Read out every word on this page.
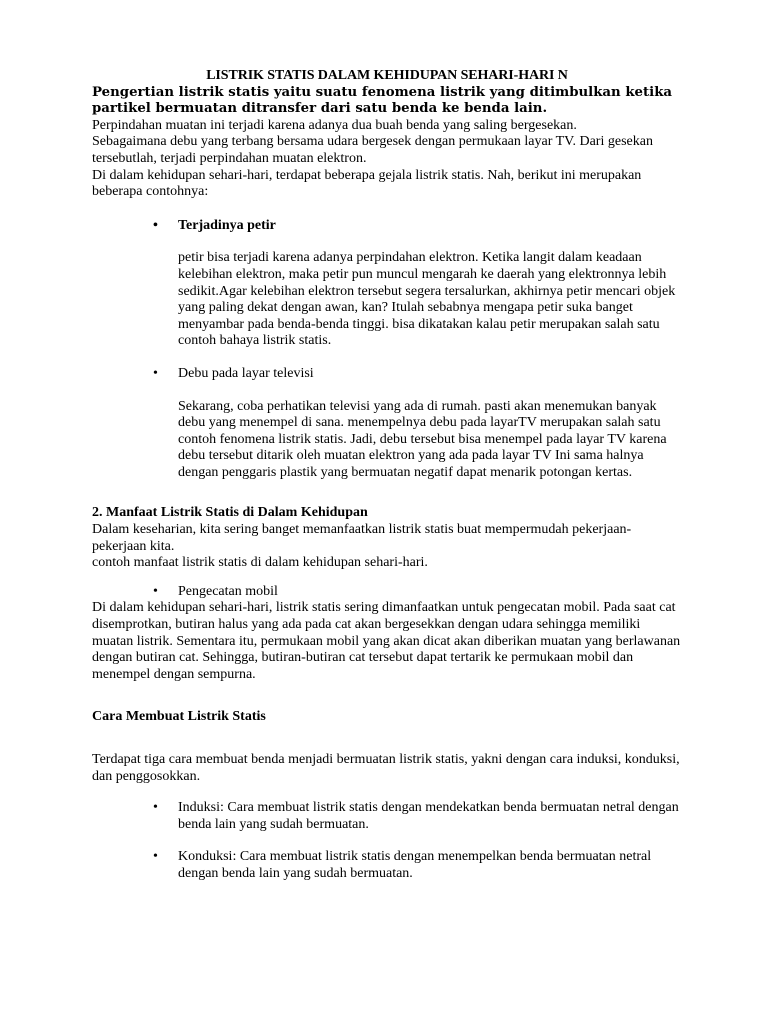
LISTRIK STATIS DALAM KEHIDUPAN SEHARI-HARI N

Pengertian listrik statis yaitu suatu fenomena listrik yang ditimbulkan ketika partikel bermuatan ditransfer dari satu benda ke benda lain.

Perpindahan muatan ini terjadi karena adanya dua buah benda yang saling bergesekan.

Sebagaimana debu yang terbang bersama udara bergesek dengan permukaan layar TV. Dari gesekan tersebutlah, terjadi perpindahan muatan elektron.

Di dalam kehidupan sehari-hari, terdapat beberapa gejala listrik statis. Nah, berikut ini merupakan beberapa contohnya:

• Terjadinya petir

petir bisa terjadi karena adanya perpindahan elektron. Ketika langit dalam keadaan kelebihan elektron, maka petir pun muncul mengarah ke daerah yang elektronnya lebih sedikit.Agar kelebihan elektron tersebut segera tersalurkan, akhirnya petir mencari objek yang paling dekat dengan awan, kan? Itulah sebabnya mengapa petir suka banget menyambar pada benda-benda tinggi. bisa dikatakan kalau petir merupakan salah satu contoh bahaya listrik statis.

• Debu pada layar televisi

Sekarang, coba perhatikan televisi yang ada di rumah. pasti akan menemukan banyak debu yang menempel di sana. menempelnya debu pada layarTV merupakan salah satu contoh fenomena listrik statis. Jadi, debu tersebut bisa menempel pada layar TV karena debu tersebut ditarik oleh muatan elektron yang ada pada layar TV Ini sama halnya dengan penggaris plastik yang bermuatan negatif dapat menarik potongan kertas.

2. Manfaat Listrik Statis di Dalam Kehidupan

Dalam keseharian, kita sering banget memanfaatkan listrik statis buat mempermudah pekerjaan-pekerjaan kita.

contoh manfaat listrik statis di dalam kehidupan sehari-hari.

• Pengecatan mobil

Di dalam kehidupan sehari-hari, listrik statis sering dimanfaatkan untuk pengecatan mobil. Pada saat cat disemprotkan, butiran halus yang ada pada cat akan bergesekkan dengan udara sehingga memiliki muatan listrik. Sementara itu, permukaan mobil yang akan dicat akan diberikan muatan yang berlawanan dengan butiran cat. Sehingga, butiran-butiran cat tersebut dapat tertarik ke permukaan mobil dan menempel dengan sempurna.

Cara Membuat Listrik Statis

Terdapat tiga cara membuat benda menjadi bermuatan listrik statis, yakni dengan cara induksi, konduksi, dan penggosokkan.

• Induksi: Cara membuat listrik statis dengan mendekatkan benda bermuatan netral dengan benda lain yang sudah bermuatan.

• Konduksi: Cara membuat listrik statis dengan menempelkan benda bermuatan netral dengan benda lain yang sudah bermuatan.
